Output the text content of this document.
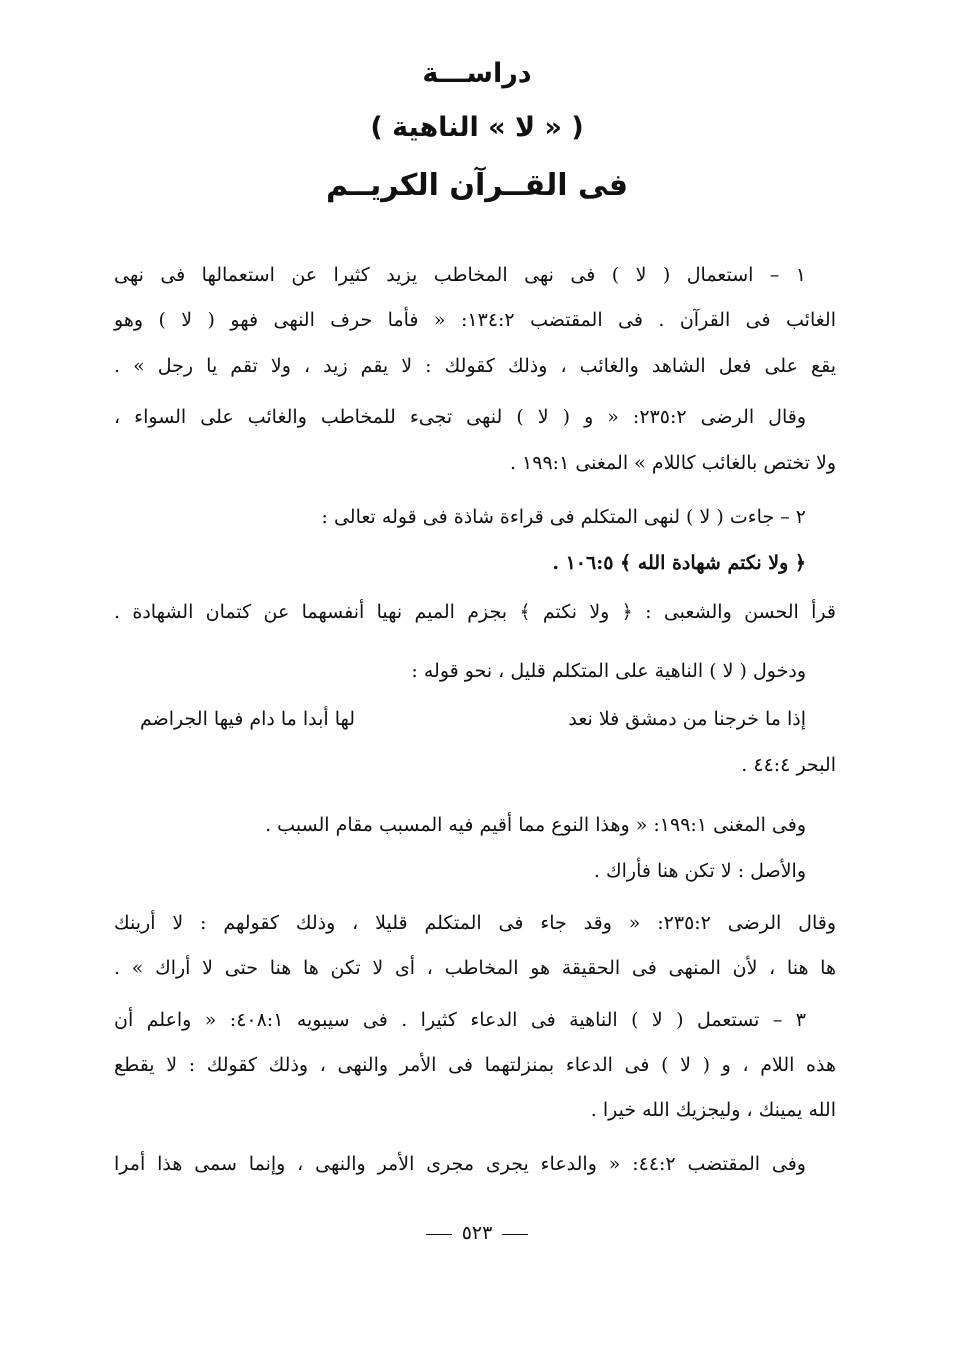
دراســـة
( « لا » الناهية )
فى القــرآن الكريــم
١ – استعمال ( لا ) فى نهى المخاطب يزيد كثيرا عن استعمالها فى نهى
الغائب فى القرآن . فى المقتضب ١٣٤:٢: « فأما حرف النهى فهو ( لا ) وهو
يقع على فعل الشاهد والغائب ، وذلك كقولك : لا يقم زيد ، ولا تقم يا رجل » .
وقال الرضى ٢٣٥:٢: « و ( لا ) لنهى تجىء للمخاطب والغائب على السواء ،
ولا تختص بالغائب كاللام » المغنى ١٩٩:١ .
٢ – جاءت ( لا ) لنهى المتكلم فى قراءة شاذة فى قوله تعالى :
﴿ ولا نكتم شهادة الله ﴾ ١٠٦:٥ .
قرأ الحسن والشعبى : ﴿ ولا نكتم ﴾ بجزم الميم نهيا أنفسهما عن كتمان الشهادة .
ودخول ( لا ) الناهية على المتكلم قليل ، نحو قوله :
إذا ما خرجنا من دمشق فلا نعد
لها أبدا ما دام فيها الجراضم
البحر ٤٤:٤ .
وفى المغنى ١٩٩:١: « وهذا النوع مما أقيم فيه المسبب مقام السبب .
والأصل : لا تكن هنا فأراك .
وقال الرضى ٢٣٥:٢: « وقد جاء فى المتكلم قليلا ، وذلك كقولهم : لا أرينك
ها هنا ، لأن المنهى فى الحقيقة هو المخاطب ، أى لا تكن ها هنا حتى لا أراك » .
٣ – تستعمل ( لا ) الناهية فى الدعاء كثيرا . فى سيبويه ٤٠٨:١: « واعلم أن
هذه اللام ، و ( لا ) فى الدعاء بمنزلتهما فى الأمر والنهى ، وذلك كقولك : لا يقطع
الله يمينك ، وليجزيك الله خيرا .
وفى المقتضب ٤٤:٢: « والدعاء يجرى مجرى الأمر والنهى ، وإنما سمى هذا أمرا
٥٢٣
